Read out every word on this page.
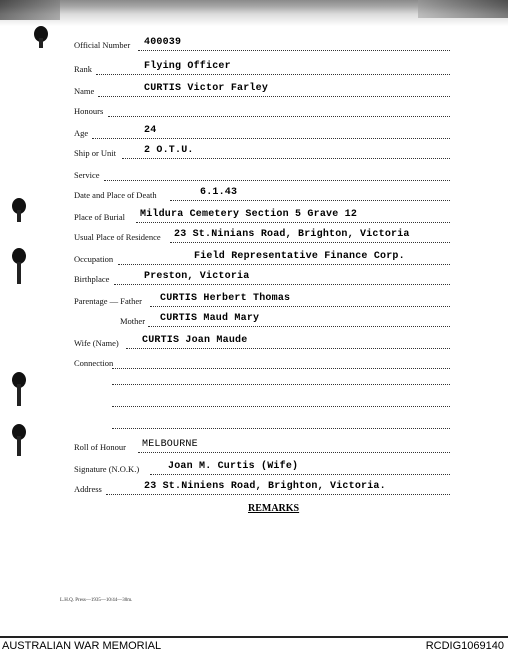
Official Number 400039
Rank	Flying Officer
Name	CURTIS Victor Farley
Honours
Age	24
Ship or Unit	2 O.T.U.
Service
Date and Place of Death	6.1.43
Place of Burial Mildura Cemetery Section 5 Grave 12
Usual Place of Residence 23 St.Ninians Road, Brighton, Victoria
Occupation	Field Representative Finance Corp.
Birthplace	Preston, Victoria
Parentage — Father CURTIS Herbert Thomas
Mother CURTIS Maud Mary
Wife (Name) CURTIS Joan Maude
Connection
Roll of Honour MELBOURNE
Signature (N.O.K.)	Joan M. Curtis (Wife)
Address	23 St.Niniens Road, Brighton, Victoria.
REMARKS
L.H.Q. Press—1935—10/44—30m.
AUSTRALIAN WAR MEMORIAL	RCDIG1069140
